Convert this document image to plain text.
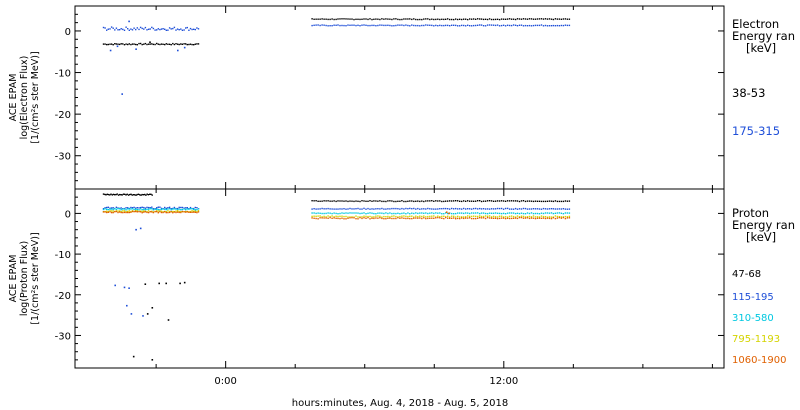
0
-10
-20
-30
ACE EPAM log(Electron Flux) [1/(cm²s ster MeV)]
Electron
Energy ran
[keV]
38-53
175-315
0
-10
-20
-30
ACE EPAM log(Proton Flux) [1/(cm²s ster MeV)]
Proton
Energy ran
[keV]
47-68
115-195
310-580
795-1193
1060-1900
0:00	12:00
hours:minutes, Aug. 4, 2018 - Aug. 5, 2018
